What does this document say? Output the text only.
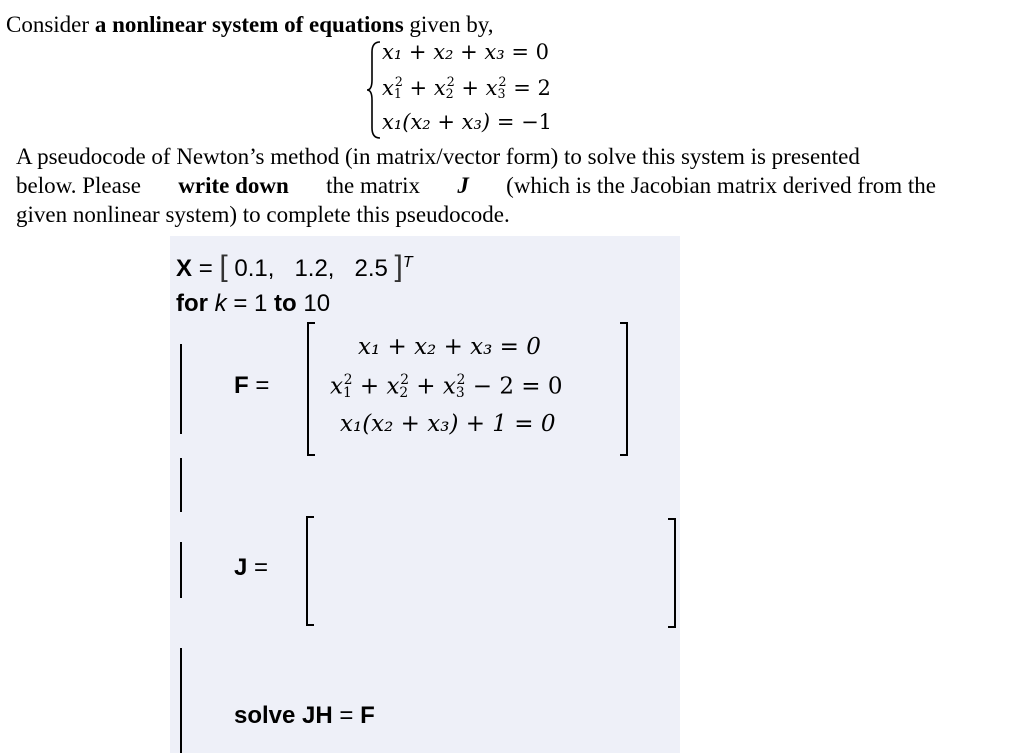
Consider a nonlinear system of equations given by,
x₁ + x₂ + x₃ = 0
$x_1^2 + x_2^2 + x_3^2 = 2$
x₁(x₂ + x₃) = −1
A pseudocode of Newton’s method (in matrix/vector form) to solve this system is presented
below. Please write down the matrix J (which is the Jacobian matrix derived from the
given nonlinear system) to complete this pseudocode.
X = [ 0.1, 1.2, 2.5 ]$^T$
for k = 1 to 10
F =
x₁ + x₂ + x₃ = 0
$x_1^2 + x_2^2 + x_3^2 - 2 = 0$
x₁(x₂ + x₃) + 1 = 0
J =
solve JH = F
